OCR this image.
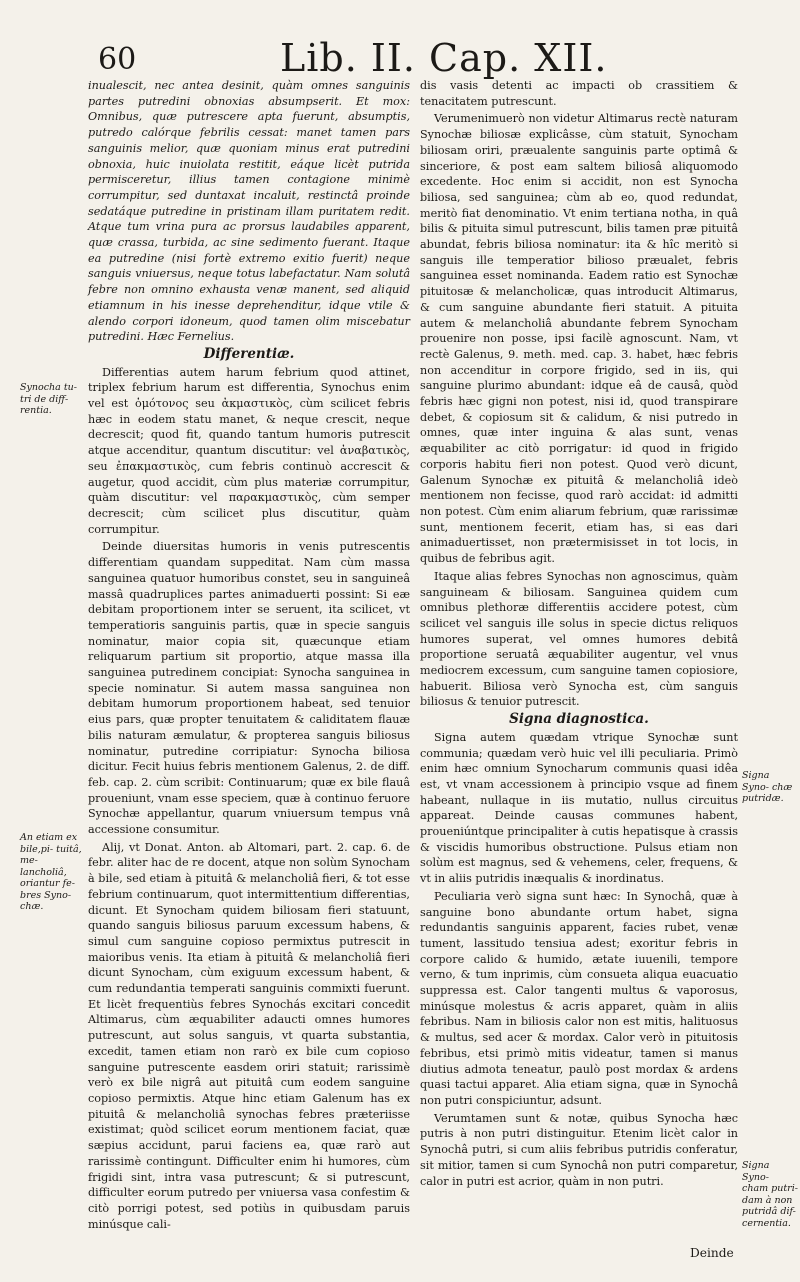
60	Lib. II. Cap. XII.
Synocha tu- tri de diff- rentia.
An etiam ex bile,pi- tuitâ, me- lancholiâ, oriantur fe- bres Syno- chæ.
Signa Syno- chæ putridæ.
Signa Syno- cham putri- dam à non putridâ dif- cernentia.

inualescit, nec antea desinit, quàm omnes sanguinis partes putredini obnoxias absumpserit. Et mox: Omnibus, quæ putrescere apta fuerunt, absumptis, putredo calórque febrilis cessat: manet tamen pars sanguinis melior, quæ quoniam minus erat putredini obnoxia, huic inuiolata restitit, eáque licèt putrida permisceretur, illius tamen contagione minimè corrumpitur, sed duntaxat incaluit, restinctâ proinde sedatáque putredine in pristinam illam puritatem redit. Atque tum vrina pura ac prorsus laudabiles apparent, quæ crassa, turbida, ac sine sedimento fuerant. Itaque ea putredine (nisi fortè extremo exitio fuerit) neque sanguis vniuersus, neque totus labefactatur. Nam solutâ febre non omnino exhausta venæ manent, sed aliquid etiamnum in his inesse deprehenditur, idque vtile & alendo corpori idoneum, quod tamen olim miscebatur putredini. Hæc Fernelius.

Differentiæ.

Differentias autem harum febrium quod attinet, triplex febrium harum est differentia, Synochus enim vel est ὁμότονος seu ἀκμαστικὸς, cùm scilicet febris hæc in eodem statu manet, & neque crescit, neque decrescit; quod fit, quando tantum humoris putrescit atque accenditur, quantum discutitur: vel ἀναβατικὸς, seu ἐπακμαστικὸς, cum febris continuò accrescit & augetur, quod accidit, cùm plus materiæ corrumpitur, quàm discutitur: vel παρακμαστικὸς, cùm semper decrescit; cùm scilicet plus discutitur, quàm corrumpitur.

Deinde diuersitas humoris in venis putrescentis differentiam quandam suppeditat. Nam cùm massa sanguinea quatuor humoribus constet, seu in sanguineâ massâ quadruplices partes animaduerti possint: Si eæ debitam proportionem inter se seruent, ita scilicet, vt temperatioris sanguinis partis, quæ in specie sanguis nominatur, maior copia sit, quæcunque etiam reliquarum partium sit proportio, atque massa illa sanguinea putredinem concipiat: Synocha sanguinea in specie nominatur. Si autem massa sanguinea non debitam humorum proportionem habeat, sed tenuior eius pars, quæ propter tenuitatem & caliditatem flauæ bilis naturam æmulatur, & propterea sanguis biliosus nominatur, putredine corripiatur: Synocha biliosa dicitur. Fecit huius febris mentionem Galenus, 2. de diff. feb. cap. 2. cùm scribit: Continuarum; quæ ex bile flauâ proueniunt, vnam esse speciem, quæ à continuo feruore Synochæ appellantur, quarum vniuersum tempus vnâ accessione consumitur.

Alij, vt Donat. Anton. ab Altomari, part. 2. cap. 6. de febr. aliter hac de re docent, atque non solùm Synocham à bile, sed etiam à pituitâ & melancholiâ fieri, & tot esse febrium continuarum, quot intermittentium differentias, dicunt. Et Synocham quidem biliosam fieri statuunt, quando sanguis biliosus paruum excessum habens, & simul cum sanguine copioso permixtus putrescit in maioribus venis. Ita etiam à pituitâ & melancholiâ fieri dicunt Synocham, cùm exiguum excessum habent, & cum redundantia temperati sanguinis commixti fuerunt. Et licèt frequentiùs febres Synochás excitari concedit Altimarus, cùm æquabiliter adaucti omnes humores putrescunt, aut solus sanguis, vt quarta substantia, excedit, tamen etiam non rarò ex bile cum copioso sanguine putrescente easdem oriri statuit; rarissimè verò ex bile nigrâ aut pituitâ cum eodem sanguine copioso permixtis. Atque hinc etiam Galenum has ex pituitâ & melancholiâ synochas febres præteriisse existimat; quòd scilicet eorum mentionem faciat, quæ sæpius accidunt, parui faciens ea, quæ rarò aut rarissimè contingunt. Difficulter enim hi humores, cùm frigidi sint, intra vasa putrescunt; & si putrescunt, difficulter eorum putredo per vniuersa vasa confestim & citò porrigi potest, sed potiùs in quibusdam paruis minúsque cali-

dis vasis detenti ac impacti ob crassitiem & tenacitatem putrescunt.

Verumenimuerò non videtur Altimarus rectè naturam Synochæ biliosæ explicâsse, cùm statuit, Synocham biliosam oriri, præualente sanguinis parte optimâ & sinceriore, & post eam saltem biliosâ aliquomodo excedente. Hoc enim si accidit, non est Synocha biliosa, sed sanguinea; cùm ab eo, quod redundat, meritò fiat denominatio. Vt enim tertiana notha, in quâ bilis & pituita simul putrescunt, bilis tamen præ pituitâ abundat, febris biliosa nominatur: ita & hîc meritò si sanguis ille temperatior bilioso præualet, febris sanguinea esset nominanda. Eadem ratio est Synochæ pituitosæ & melancholicæ, quas introducit Altimarus, & cum sanguine abundante fieri statuit. A pituita autem & melancholiâ abundante febrem Synocham prouenire non posse, ipsi facilè agnoscunt. Nam, vt rectè Galenus, 9. meth. med. cap. 3. habet, hæc febris non accenditur in corpore frigido, sed in iis, qui sanguine plurimo abundant: idque eâ de causâ, quòd febris hæc gigni non potest, nisi id, quod transpirare debet, & copiosum sit & calidum, & nisi putredo in omnes, quæ inter inguina & alas sunt, venas æquabiliter ac citò porrigatur: id quod in frigido corporis habitu fieri non potest. Quod verò dicunt, Galenum Synochæ ex pituitâ & melancholiâ ideò mentionem non fecisse, quod rarò accidat: id admitti non potest. Cùm enim aliarum febrium, quæ rarissimæ sunt, mentionem fecerit, etiam has, si eas dari animaduertisset, non prætermisisset in tot locis, in quibus de febribus agit.

Itaque alias febres Synochas non agnoscimus, quàm sanguineam & biliosam. Sanguinea quidem cum omnibus plethoræ differentiis accidere potest, cùm scilicet vel sanguis ille solus in specie dictus reliquos humores superat, vel omnes humores debitâ proportione seruatâ æquabiliter augentur, vel vnus mediocrem excessum, cum sanguine tamen copiosiore, habuerit. Biliosa verò Synocha est, cùm sanguis biliosus & tenuior putrescit.

Signa diagnostica.

Signa autem quædam vtrique Synochæ sunt communia; quædam verò huic vel illi peculiaria. Primò enim hæc omnium Synocharum communis quasi idêa est, vt vnam accessionem à principio vsque ad finem habeant, nullaque in iis mutatio, nullus circuitus appareat. Deinde causas communes habent, proueniúntque principaliter à cutis hepatisque à crassis & viscidis humoribus obstructione. Pulsus etiam non solùm est magnus, sed & vehemens, celer, frequens, & vt in aliis putridis inæqualis & inordinatus.

Peculiaria verò signa sunt hæc: In Synochâ, quæ à sanguine bono abundante ortum habet, signa redundantis sanguinis apparent, facies rubet, venæ tument, lassitudo tensiua adest; exoritur febris in corpore calido & humido, ætate iuuenili, tempore verno, & tum inprimis, cùm consueta aliqua euacuatio suppressa est. Calor tangenti multus & vaporosus, minúsque molestus & acris apparet, quàm in aliis febribus. Nam in biliosis calor non est mitis, halituosus & multus, sed acer & mordax. Calor verò in pituitosis febribus, etsi primò mitis videatur, tamen si manus diutius admota teneatur, paulò post mordax & ardens quasi tactui apparet. Alia etiam signa, quæ in Synochâ non putri conspiciuntur, adsunt.

Verumtamen sunt & notæ, quibus Synocha hæc putris à non putri distinguitur. Etenim licèt calor in Synochâ putri, si cum aliis febribus putridis conferatur, sit mitior, tamen si cum Synochâ non putri comparetur, calor in putri est acrior, quàm in non putri.

Deinde
